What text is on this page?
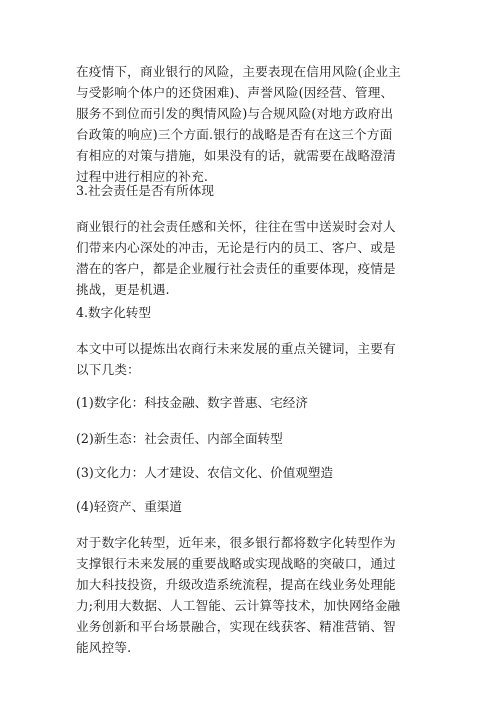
在疫情下，商业银行的风险，主要表现在信用风险(企业主
与受影响个体户的还贷困难)、声誉风险(因经营、管理、
服务不到位而引发的舆情风险)与合规风险(对地方政府出
台政策的响应)三个方面.银行的战略是否有在这三个方面
有相应的对策与措施，如果没有的话，就需要在战略澄清
过程中进行相应的补充.

3.社会责任是否有所体现

商业银行的社会责任感和关怀，往往在雪中送炭时会对人
们带来内心深处的冲击，无论是行内的员工、客户、或是
潜在的客户，都是企业履行社会责任的重要体现，疫情是
挑战，更是机遇.

4.数字化转型

本文中可以提炼出农商行未来发展的重点关键词，主要有
以下几类：

(1)数字化：科技金融、数字普惠、宅经济

(2)新生态：社会责任、内部全面转型

(3)文化力：人才建设、农信文化、价值观塑造

(4)轻资产、重渠道

对于数字化转型，近年来，很多银行都将数字化转型作为
支撑银行未来发展的重要战略或实现战略的突破口，通过
加大科技投资，升级改造系统流程，提高在线业务处理能
力;利用大数据、人工智能、云计算等技术，加快网络金融
业务创新和平台场景融合，实现在线获客、精准营销、智
能风控等.
